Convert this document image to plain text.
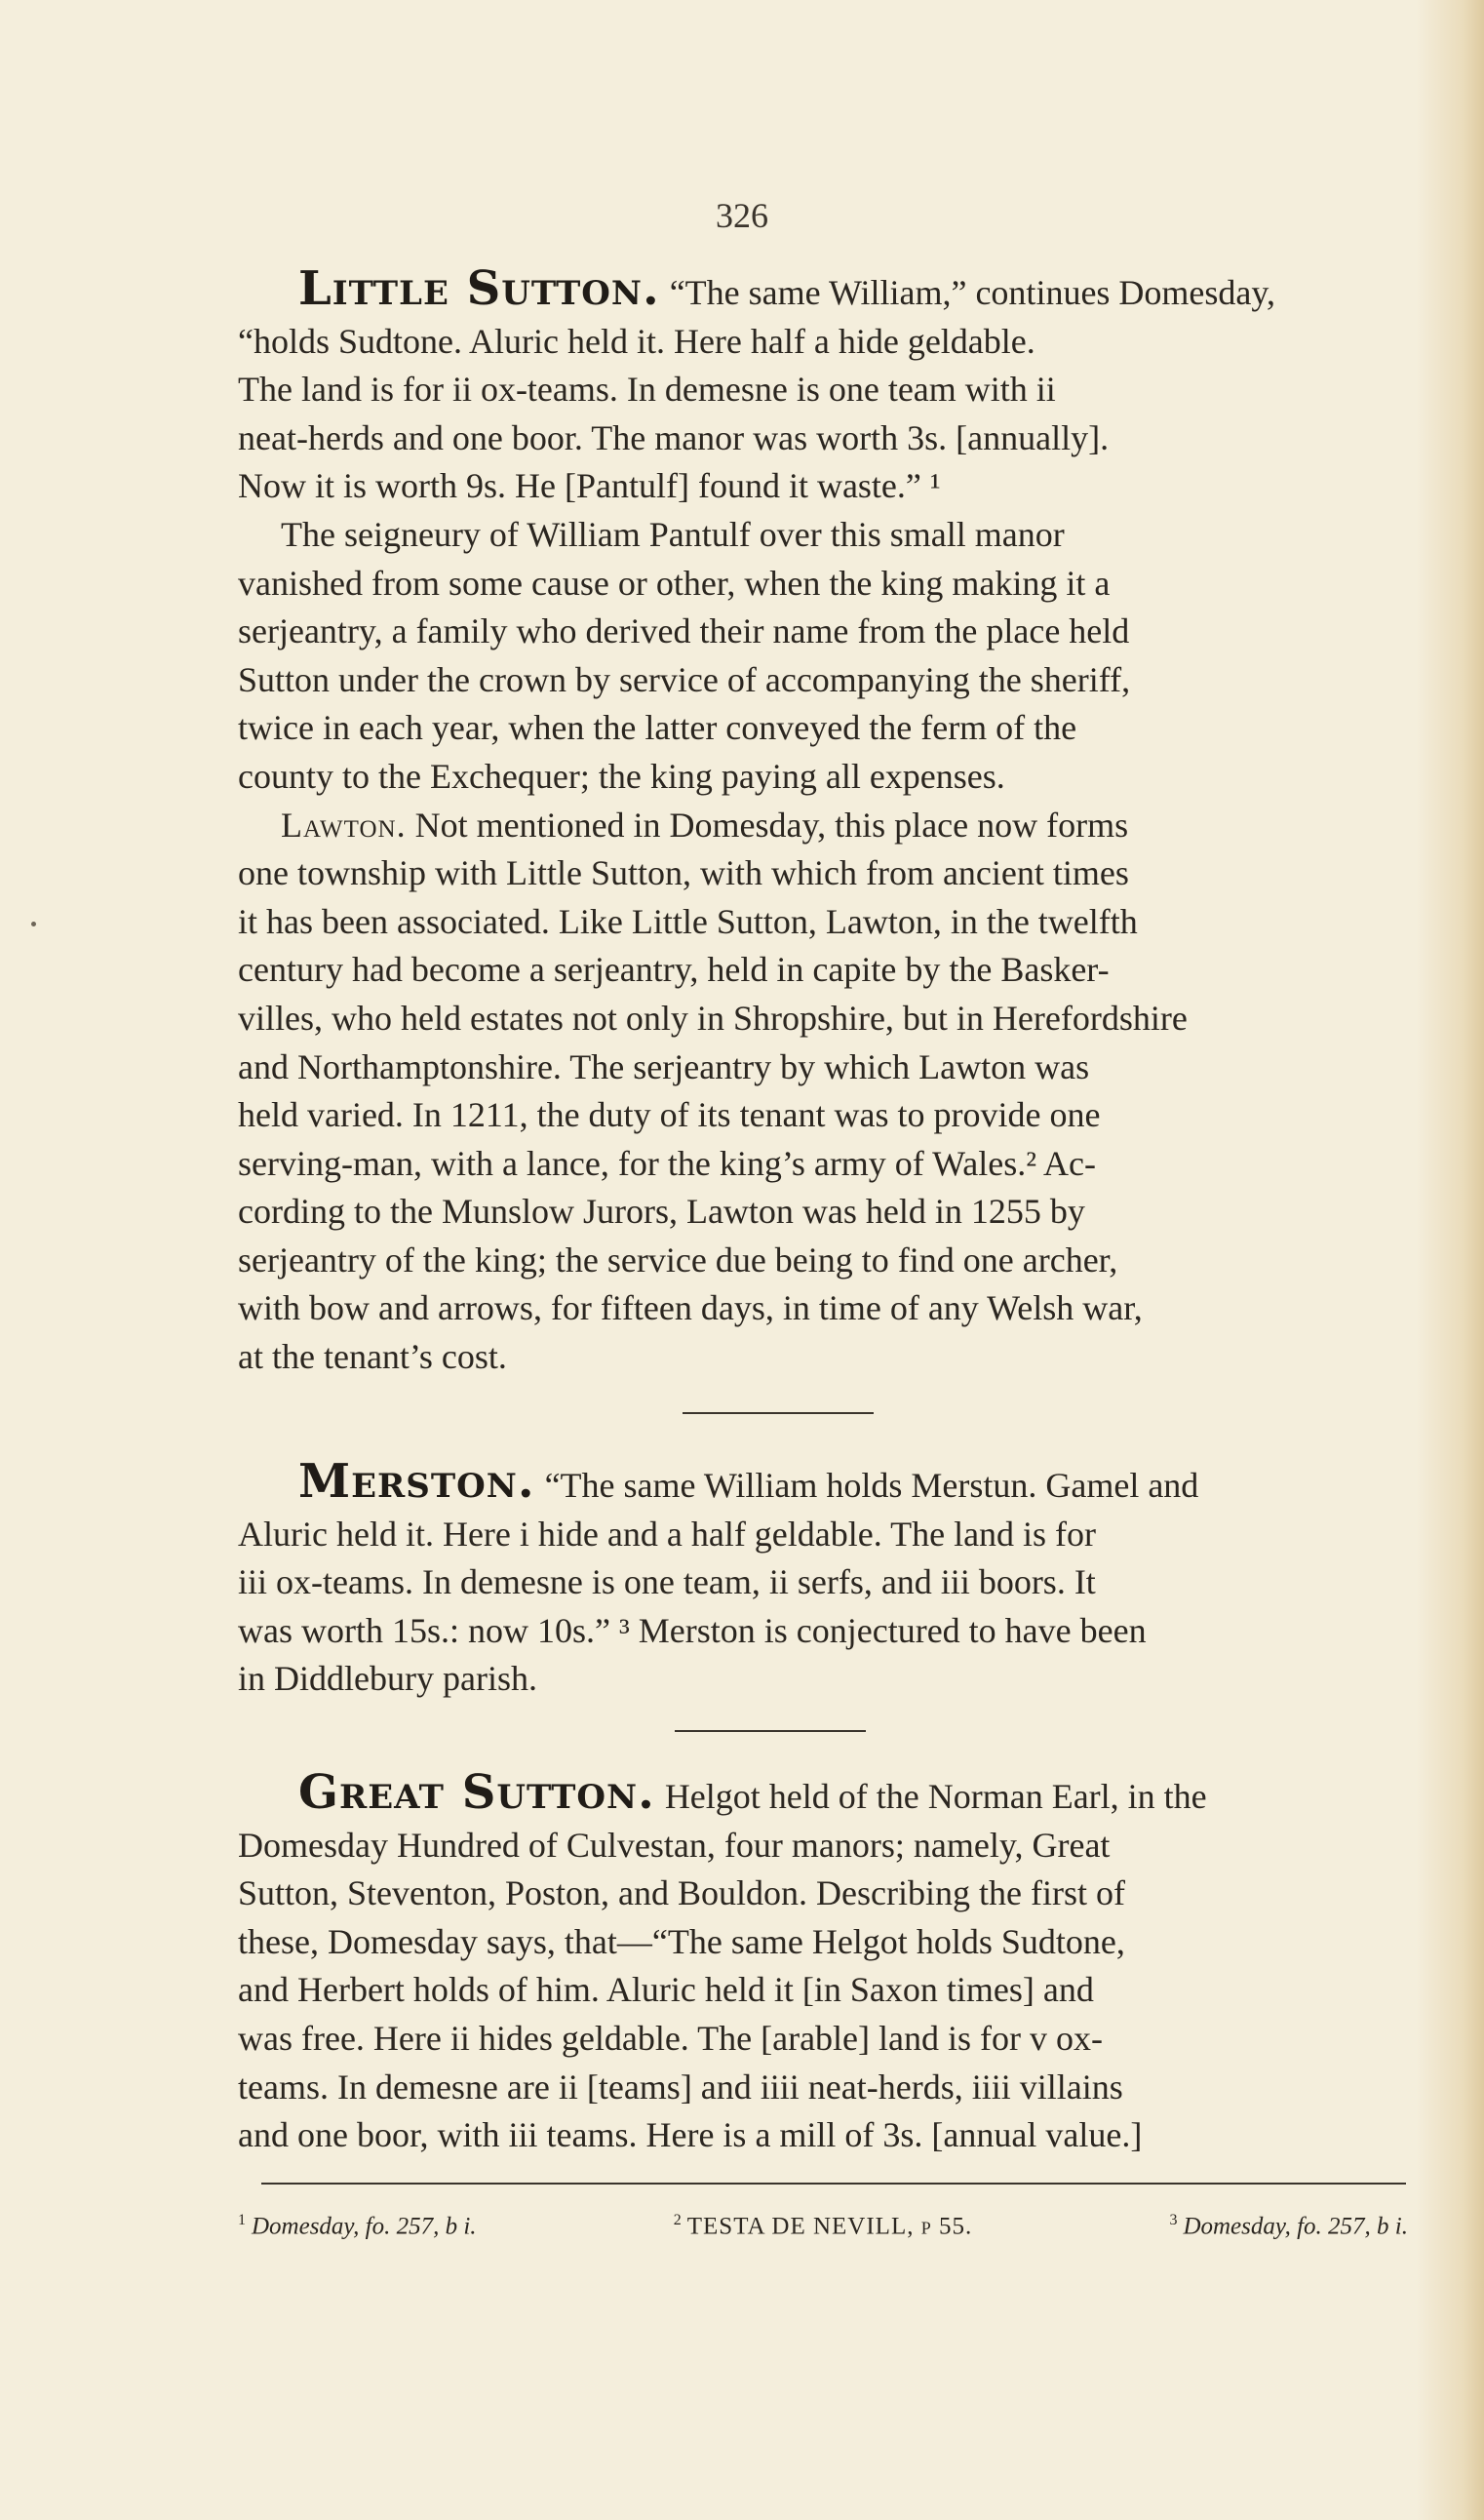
326

Little Sutton. “The same William,” continues Domesday,
“holds Sudtone. Aluric held it. Here half a hide geldable.
The land is for ii ox-teams. In demesne is one team with ii
neat-herds and one boor. The manor was worth 3s. [annually].
Now it is worth 9s. He [Pantulf] found it waste.” ¹

The seigneury of William Pantulf over this small manor
vanished from some cause or other, when the king making it a
serjeantry, a family who derived their name from the place held
Sutton under the crown by service of accompanying the sheriff,
twice in each year, when the latter conveyed the ferm of the
county to the Exchequer; the king paying all expenses.

Lawton. Not mentioned in Domesday, this place now forms
one township with Little Sutton, with which from ancient times
it has been associated. Like Little Sutton, Lawton, in the twelfth
century had become a serjeantry, held in capite by the Basker-
villes, who held estates not only in Shropshire, but in Herefordshire
and Northamptonshire. The serjeantry by which Lawton was
held varied. In 1211, the duty of its tenant was to provide one
serving-man, with a lance, for the king’s army of Wales.² Ac-
cording to the Munslow Jurors, Lawton was held in 1255 by
serjeantry of the king; the service due being to find one archer,
with bow and arrows, for fifteen days, in time of any Welsh war,
at the tenant’s cost.

Merston. “The same William holds Merstun. Gamel and
Aluric held it. Here i hide and a half geldable. The land is for
iii ox-teams. In demesne is one team, ii serfs, and iii boors. It
was worth 15s.: now 10s.” ³ Merston is conjectured to have been
in Diddlebury parish.

Great Sutton. Helgot held of the Norman Earl, in the
Domesday Hundred of Culvestan, four manors; namely, Great
Sutton, Steventon, Poston, and Bouldon. Describing the first of
these, Domesday says, that—“The same Helgot holds Sudtone,
and Herbert holds of him. Aluric held it [in Saxon times] and
was free. Here ii hides geldable. The [arable] land is for v ox-
teams. In demesne are ii [teams] and iiii neat-herds, iiii villains
and one boor, with iii teams. Here is a mill of 3s. [annual value.]

$^1$ Domesday, fo. 257, b i.	$^2$ TESTA DE NEVILL, p 55.	$^3$ Domesday, fo. 257, b i.
